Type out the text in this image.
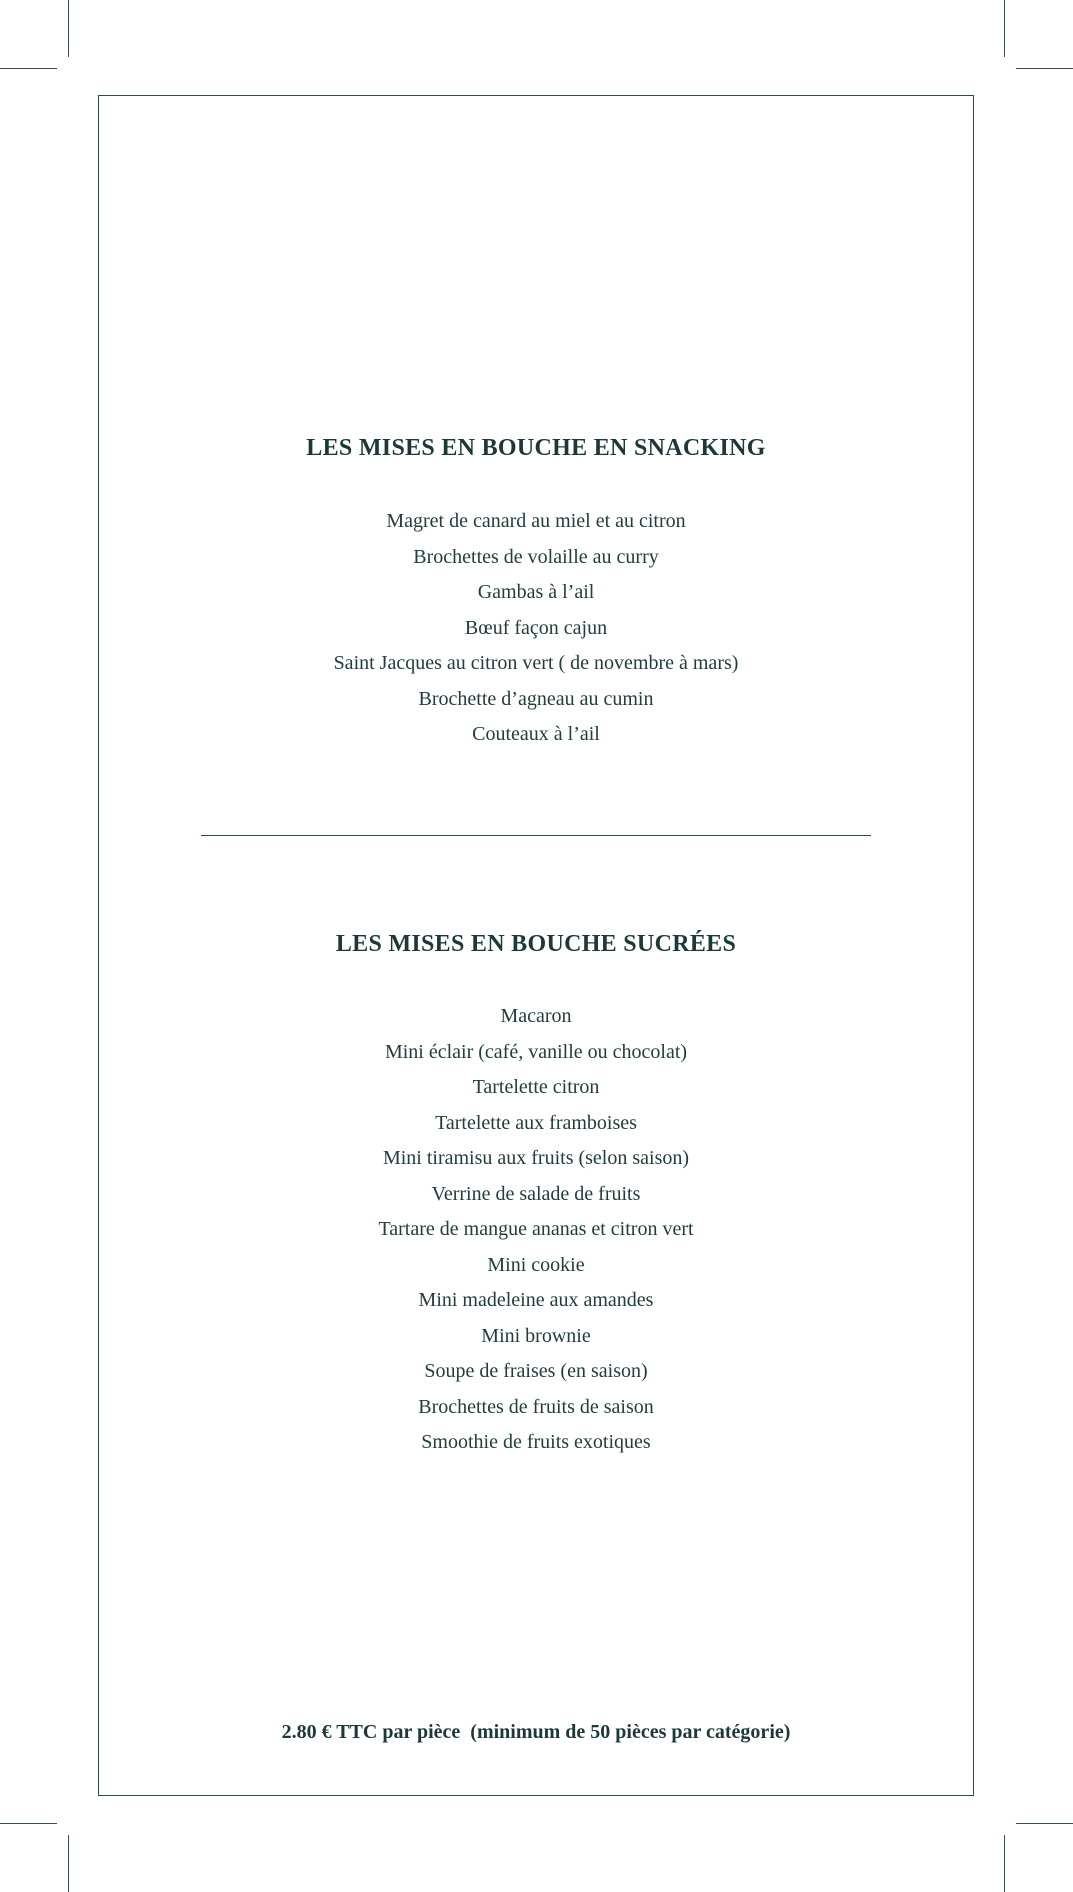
LES MISES EN BOUCHE EN SNACKING
Magret de canard au miel et au citron
Brochettes de volaille au curry
Gambas à l’ail
Bœuf façon cajun
Saint Jacques au citron vert ( de novembre à mars)
Brochette d’agneau au cumin
Couteaux à l’ail
LES MISES EN BOUCHE SUCRÉES
Macaron
Mini éclair (café, vanille ou chocolat)
Tartelette citron
Tartelette aux framboises
Mini tiramisu aux fruits (selon saison)
Verrine de salade de fruits
Tartare de mangue ananas et citron vert
Mini cookie
Mini madeleine aux amandes
Mini brownie
Soupe de fraises (en saison)
Brochettes de fruits de saison
Smoothie de fruits exotiques
2.80 € TTC par pièce  (minimum de 50 pièces par catégorie)
